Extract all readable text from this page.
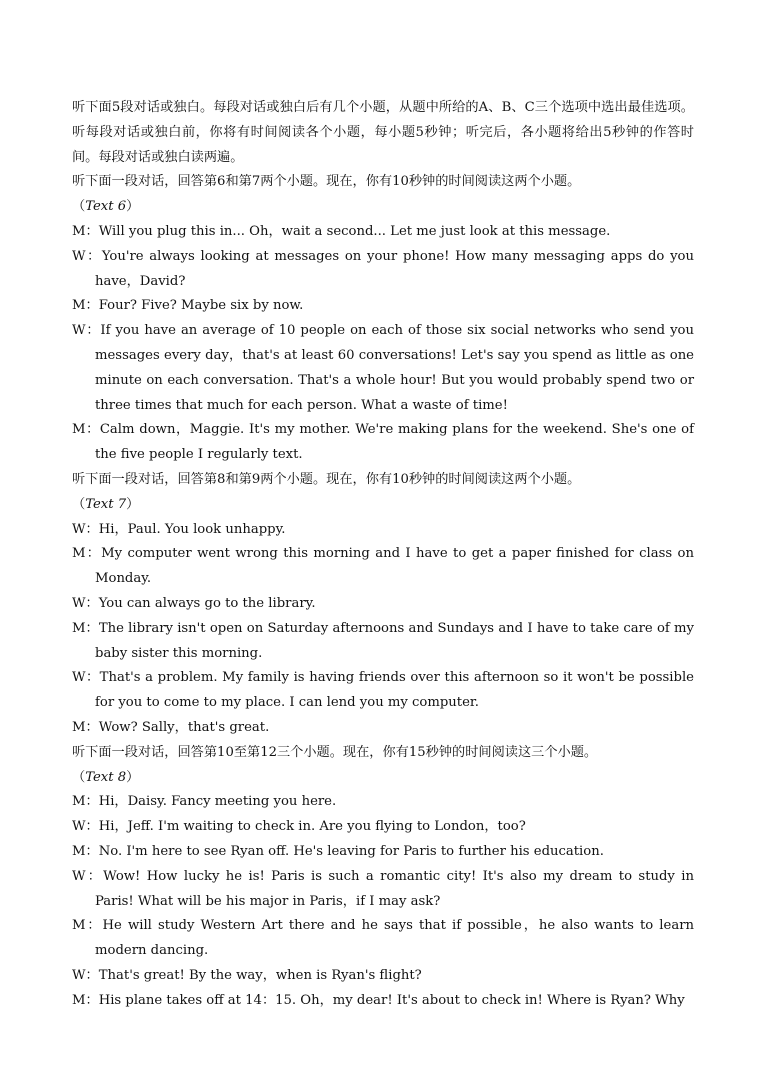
听下面5段对话或独白。每段对话或独白后有几个小题，从题中所给的A、B、C三个选项中选出最佳选项。听每段对话或独白前，你将有时间阅读各个小题，每小题5秒钟；听完后，各小题将给出5秒钟的作答时间。每段对话或独白读两遍。

听下面一段对话，回答第6和第7两个小题。现在，你有10秒钟的时间阅读这两个小题。

（Text 6）

M：Will you plug this in... Oh，wait a second... Let me just look at this message.

W：You're always looking at messages on your phone! How many messaging apps do you have，David?

M：Four? Five? Maybe six by now.

W：If you have an average of 10 people on each of those six social networks who send you messages every day，that's at least 60 conversations! Let's say you spend as little as one minute on each conversation. That's a whole hour! But you would probably spend two or three times that much for each person. What a waste of time!

M：Calm down，Maggie. It's my mother. We're making plans for the weekend. She's one of the five people I regularly text.

听下面一段对话，回答第8和第9两个小题。现在，你有10秒钟的时间阅读这两个小题。

（Text 7）

W：Hi，Paul. You look unhappy.

M：My computer went wrong this morning and I have to get a paper finished for class on Monday.

W：You can always go to the library.

M：The library isn't open on Saturday afternoons and Sundays and I have to take care of my baby sister this morning.

W：That's a problem. My family is having friends over this afternoon so it won't be possible for you to come to my place. I can lend you my computer.

M：Wow? Sally，that's great.

听下面一段对话，回答第10至第12三个小题。现在，你有15秒钟的时间阅读这三个小题。

（Text 8）

M：Hi，Daisy. Fancy meeting you here.

W：Hi，Jeff. I'm waiting to check in. Are you flying to London，too?

M：No. I'm here to see Ryan off. He's leaving for Paris to further his education.

W：Wow! How lucky he is! Paris is such a romantic city! It's also my dream to study in Paris! What will be his major in Paris，if I may ask?

M：He will study Western Art there and he says that if possible，he also wants to learn modern dancing.

W：That's great! By the way，when is Ryan's flight?

M：His plane takes off at 14：15. Oh，my dear! It's about to check in! Where is Ryan? Why
